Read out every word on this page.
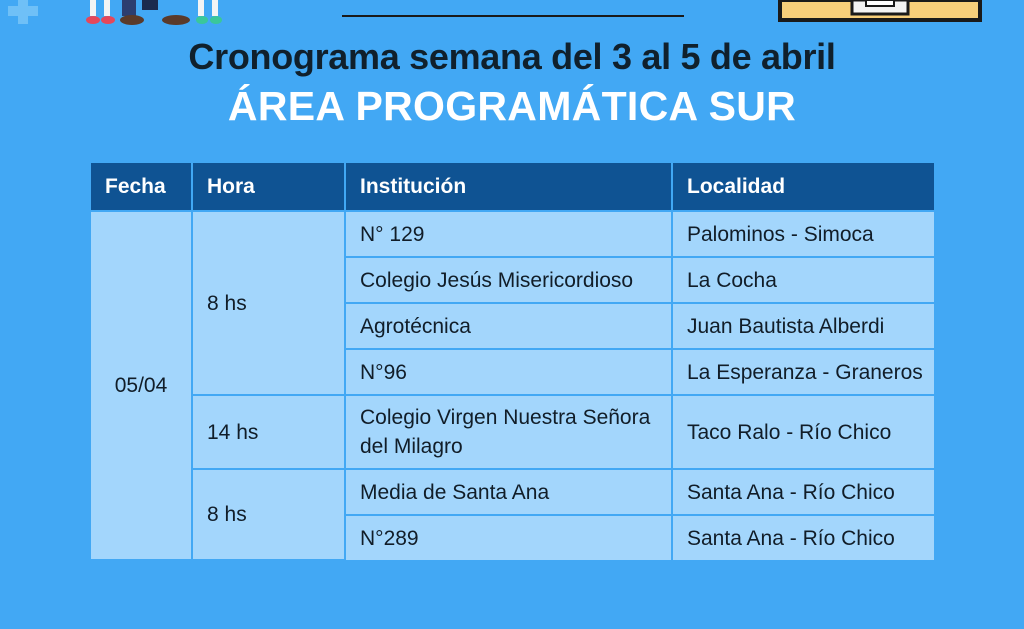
Cronograma semana del 3 al 5 de abril
ÁREA PROGRAMÁTICA SUR
Fecha	Hora	Institución	Localidad
05/04	8 hs	N° 129	Palominos - Simoca
		Colegio Jesús Misericordioso	La Cocha
		Agrotécnica	Juan Bautista Alberdi
		N°96	La Esperanza - Graneros
	14 hs	Colegio Virgen Nuestra Señora del Milagro	Taco Ralo - Río Chico
	8 hs	Media de Santa Ana	Santa Ana - Río Chico
		N°289	Santa Ana - Río Chico
